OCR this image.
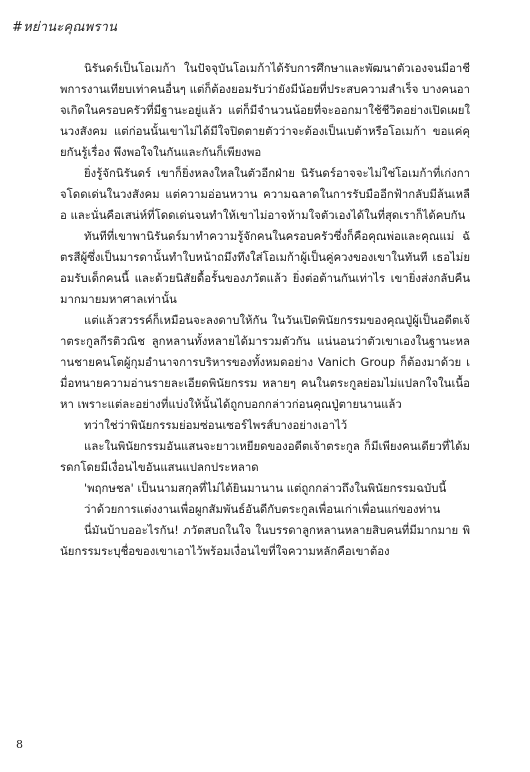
#หย่านะคุณพราน

นิรันดร์เป็นโอเมก้า ในปัจจุบันโอเมก้าได้รับการศึกษาและพัฒนาตัวเองจนมีอาชีพการงานเทียบเท่าคนอื่นๆ แต่ก็ต้องยอมรับว่ายังมีน้อยที่ประสบความสำเร็จ บางคนอาจเกิดในครอบครัวที่มีฐานะอยู่แล้ว แต่ก็มีจำนวนน้อยที่จะออกมาใช้ชีวิตอย่างเปิดเผยในวงสังคม แต่ก่อนนั้นเขาไม่ได้มีใจปิดตายตัวว่าจะต้องเป็นเบต้าหรือโอเมก้า ขอแค่คุยกันรู้เรื่อง พึงพอใจในกันและกันก็เพียงพอ

ยิ่งรู้จักนิรันดร์ เขาก็ยิ่งหลงใหลในตัวอีกฝ่าย นิรันดร์อาจจะไม่ใช่โอเมก้าที่เก่งกาจโดดเด่นในวงสังคม แต่ความอ่อนหวาน ความฉลาดในการรับมืออีกฟ้ากลับมีล้นเหลือ และนั่นคือเสน่ห์ที่โดดเด่นจนทำให้เขาไม่อาจห้ามใจตัวเองได้ในที่สุดเราก็ได้คบกัน

ทันทีที่เขาพานิรันดร์มาทำความรู้จักคนในครอบครัวซึ่งก็คือคุณพ่อและคุณแม่ ฉัตรสีผู้ซึ่งเป็นมารดานั้นทำใบหน้าถมึงทึงใส่โอเมก้าผู้เป็นคู่ควงของเขาในทันที เธอไม่ยอมรับเด็กคนนี้ และด้วยนิสัยดื้อรั้นของภวัตแล้ว ยิ่งต่อต้านกันเท่าไร เขายิ่งส่งกลับคืนมากมายมหาศาลเท่านั้น

แต่แล้วสวรรค์ก็เหมือนจะลงดาบให้กัน ในวันเปิดพินัยกรรมของคุณปู่ผู้เป็นอดีตเจ้าตระกูลกีรติวณิช ลูกหลานทั้งหลายได้มารวมตัวกัน แน่นอนว่าตัวเขาเองในฐานะหลานชายคนโตผู้กุมอำนาจการบริหารของทั้งหมดอย่าง Vanich Group ก็ต้องมาด้วย เมื่อทนายความอ่านรายละเอียดพินัยกรรม หลายๆ คนในตระกูลย่อมไม่แปลกใจในเนื้อหา เพราะแต่ละอย่างที่แบ่งให้นั้นได้ถูกบอกกล่าวก่อนคุณปู่ตายนานแล้ว

ทว่าใช่ว่าพินัยกรรมย่อมซ่อนเซอร์ไพรส์บางอย่างเอาไว้

และในพินัยกรรมอันแสนจะยาวเหยียดของอดีตเจ้าตระกูล ก็มีเพียงคนเดียวที่ได้มรดกโดยมีเงื่อนไขอันแสนแปลกประหลาด

'พฤกษชล' เป็นนามสกุลที่ไม่ได้ยินมานาน แต่ถูกกล่าวถึงในพินัยกรรมฉบับนี้

ว่าด้วยการแต่งงานเพื่อผูกสัมพันธ์อันดีกับตระกูลเพื่อนเก่าเพื่อนแก่ของท่าน

นี่มันบ้าบออะไรกัน! ภวัตสบถในใจ ในบรรดาลูกหลานหลายสิบคนที่มีมากมาย พินัยกรรมระบุชื่อของเขาเอาไว้พร้อมเงื่อนไขที่ใจความหลักคือเขาต้อง

8
